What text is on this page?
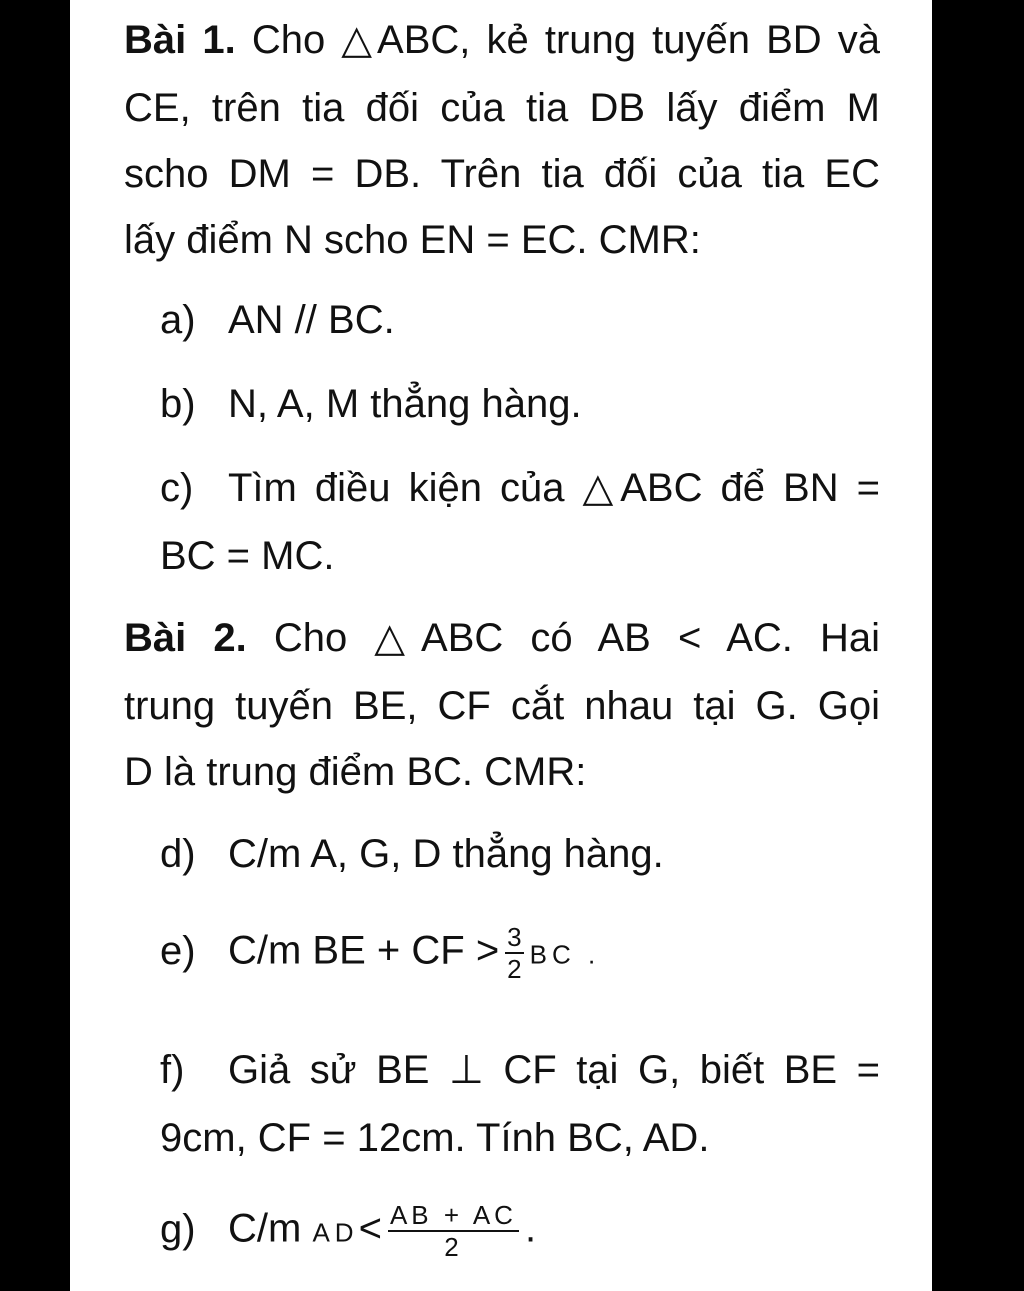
Bài 1. Cho △ABC, kẻ trung tuyến BD và
CE, trên tia đối của tia DB lấy điểm M
scho DM = DB. Trên tia đối của tia EC
lấy điểm N scho EN = EC. CMR:
a) AN // BC.
b) N, A, M thẳng hàng.
c) Tìm điều kiện của △ABC để BN =
BC = MC.
Bài 2. Cho △ABC có AB < AC. Hai
trung tuyến BE, CF cắt nhau tại G. Gọi
D là trung điểm BC. CMR:
d) C/m A, G, D thẳng hàng.
e) C/m BE + CF > $\frac{3}{2}$ BC .
f) Giả sử BE ⊥ CF tại G, biết BE =
9cm, CF = 12cm. Tính BC, AD.
g) C/m $AD< \frac{AB + AC}{2}$ .
